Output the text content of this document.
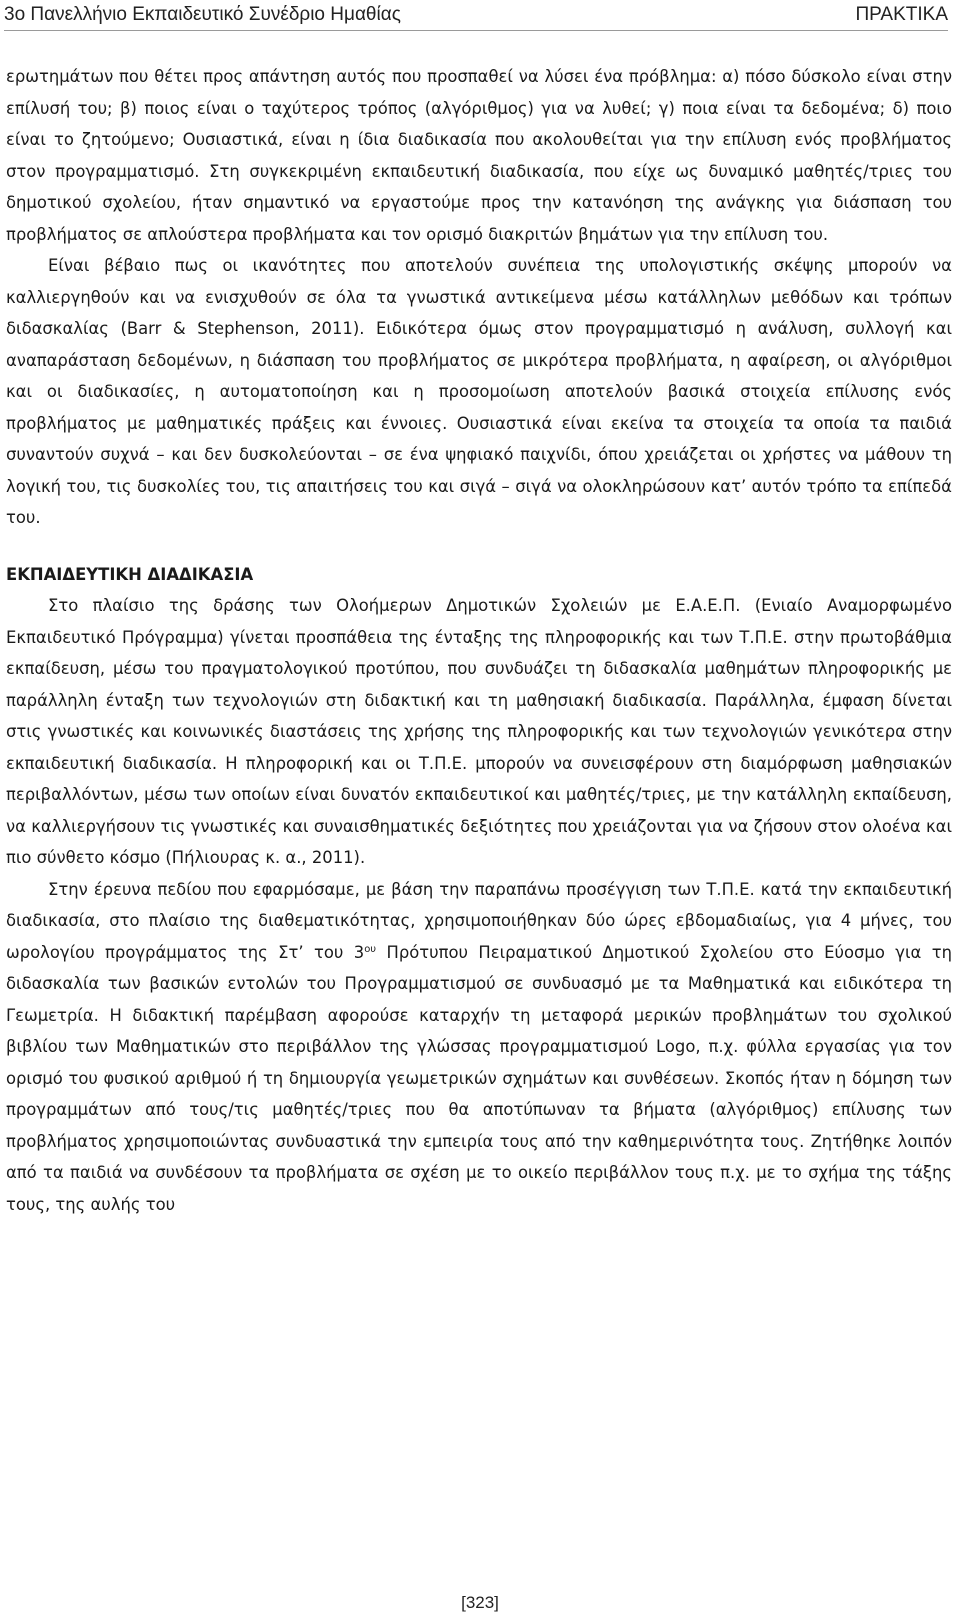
3ο Πανελλήνιο Εκπαιδευτικό Συνέδριο Ημαθίας	ΠΡΑΚΤΙΚΑ

ερωτημάτων που θέτει προς απάντηση αυτός που προσπαθεί να λύσει ένα πρόβλημα: α) πόσο δύσκολο είναι στην επίλυσή του; β) ποιος είναι ο ταχύτερος τρόπος (αλγόριθμος) για να λυθεί; γ) ποια είναι τα δεδομένα; δ) ποιο είναι το ζητούμενο; Ουσιαστικά, είναι η ίδια διαδικασία που ακολουθείται για την επίλυση ενός προβλήματος στον προγραμματισμό. Στη συγκεκριμένη εκπαιδευτική διαδικασία, που είχε ως δυναμικό μαθητές/τριες του δημοτικού σχολείου, ήταν σημαντικό να εργαστούμε προς την κατανόηση της ανάγκης για διάσπαση του προβλήματος σε απλούστερα προβλήματα και τον ορισμό διακριτών βημάτων για την επίλυση του.

Είναι βέβαιο πως οι ικανότητες που αποτελούν συνέπεια της υπολογιστικής σκέψης μπορούν να καλλιεργηθούν και να ενισχυθούν σε όλα τα γνωστικά αντικείμενα μέσω κατάλληλων μεθόδων και τρόπων διδασκαλίας (Barr & Stephenson, 2011). Ειδικότερα όμως στον προγραμματισμό η ανάλυση, συλλογή και αναπαράσταση δεδομένων, η διάσπαση του προβλήματος σε μικρότερα προβλήματα, η αφαίρεση, οι αλγόριθμοι και οι διαδικασίες, η αυτοματοποίηση και η προσομοίωση αποτελούν βασικά στοιχεία επίλυσης ενός προβλήματος με μαθηματικές πράξεις και έννοιες. Ουσιαστικά είναι εκείνα τα στοιχεία τα οποία τα παιδιά συναντούν συχνά – και δεν δυσκολεύονται – σε ένα ψηφιακό παιχνίδι, όπου χρειάζεται οι χρήστες να μάθουν τη λογική του, τις δυσκολίες του, τις απαιτήσεις του και σιγά – σιγά να ολοκληρώσουν κατ’ αυτόν τρόπο τα επίπεδά του.

ΕΚΠΑΙΔΕΥΤΙΚΗ ΔΙΑΔΙΚΑΣΙΑ

Στο πλαίσιο της δράσης των Ολοήμερων Δημοτικών Σχολειών με Ε.Α.Ε.Π. (Ενιαίο Αναμορφωμένο Εκπαιδευτικό Πρόγραμμα) γίνεται προσπάθεια της ένταξης της πληροφορικής και των Τ.Π.Ε. στην πρωτοβάθμια εκπαίδευση, μέσω του πραγματολογικού προτύπου, που συνδυάζει τη διδασκαλία μαθημάτων πληροφορικής με παράλληλη ένταξη των τεχνολογιών στη διδακτική και τη μαθησιακή διαδικασία. Παράλληλα, έμφαση δίνεται στις γνωστικές και κοινωνικές διαστάσεις της χρήσης της πληροφορικής και των τεχνολογιών γενικότερα στην εκπαιδευτική διαδικασία. Η πληροφορική και οι Τ.Π.Ε. μπορούν να συνεισφέρουν στη διαμόρφωση μαθησιακών περιβαλλόντων, μέσω των οποίων είναι δυνατόν εκπαιδευτικοί και μαθητές/τριες, με την κατάλληλη εκπαίδευση, να καλλιεργήσουν τις γνωστικές και συναισθηματικές δεξιότητες που χρειάζονται για να ζήσουν στον ολοένα και πιο σύνθετο κόσμο (Πήλιουρας κ. α., 2011).

Στην έρευνα πεδίου που εφαρμόσαμε, με βάση την παραπάνω προσέγγιση των Τ.Π.Ε. κατά την εκπαιδευτική διαδικασία, στο πλαίσιο της διαθεματικότητας, χρησιμοποιήθηκαν δύο ώρες εβδομαδιαίως, για 4 μήνες, του ωρολογίου προγράμματος της Στ’ του $3^{o\upsilon}$ Πρότυπου Πειραματικού Δημοτικού Σχολείου στο Εύοσμο για τη διδασκαλία των βασικών εντολών του Προγραμματισμού σε συνδυασμό με τα Μαθηματικά και ειδικότερα τη Γεωμετρία. Η διδακτική παρέμβαση αφορούσε καταρχήν τη μεταφορά μερικών προβλημάτων του σχολικού βιβλίου των Μαθηματικών στο περιβάλλον της γλώσσας προγραμματισμού Logo, π.χ. φύλλα εργασίας για τον ορισμό του φυσικού αριθμού ή τη δημιουργία γεωμετρικών σχημάτων και συνθέσεων. Σκοπός ήταν η δόμηση των προγραμμάτων από τους/τις μαθητές/τριες που θα αποτύπωναν τα βήματα (αλγόριθμος) επίλυσης των προβλήματος χρησιμοποιώντας συνδυαστικά την εμπειρία τους από την καθημερινότητα τους. Ζητήθηκε λοιπόν από τα παιδιά να συνδέσουν τα προβλήματα σε σχέση με το οικείο περιβάλλον τους π.χ. με το σχήμα της τάξης τους, της αυλής του

[323]
